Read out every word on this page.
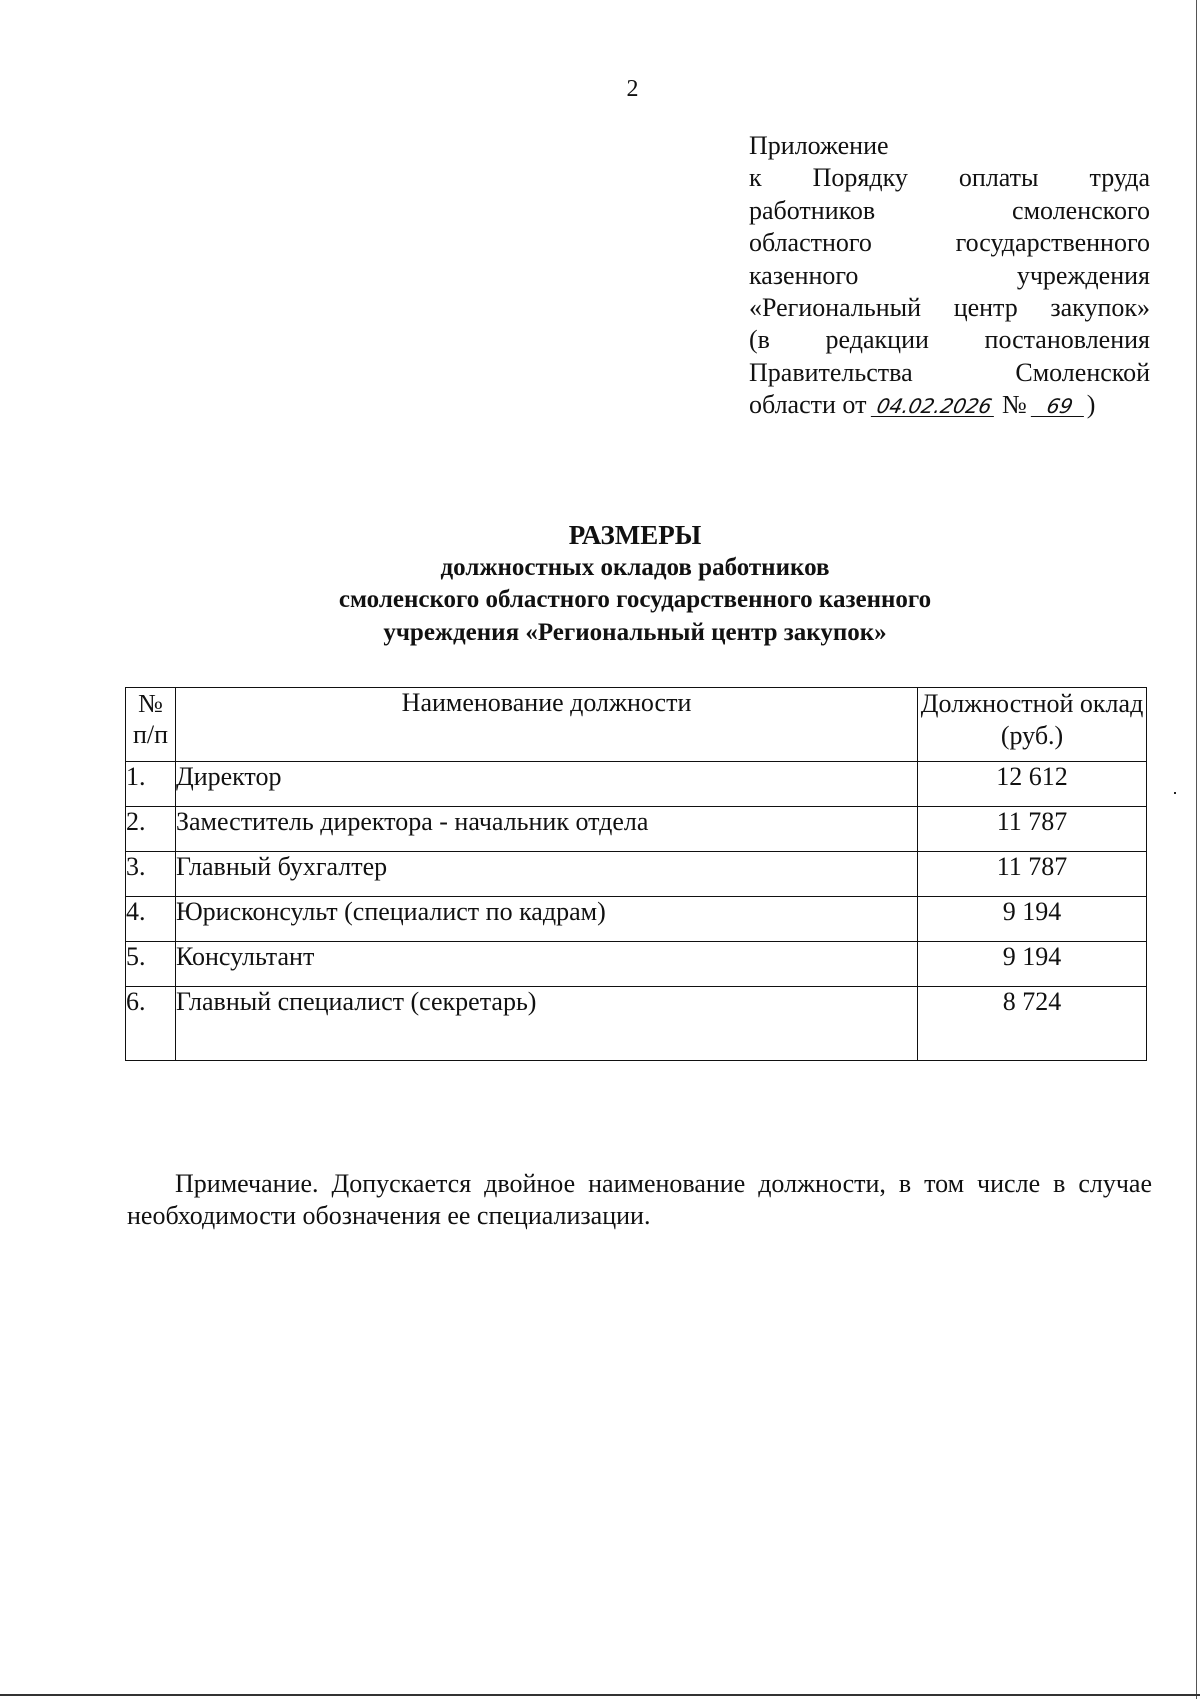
2
Приложение
к Порядку оплаты труда
работников смоленского
областного государственного
казенного учреждения
«Региональный центр закупок»
(в редакции постановления
Правительства Смоленской
области от 04.02.2026 № 69 )
РАЗМЕРЫ
должностных окладов работников
смоленского областного государственного казенного
учреждения «Региональный центр закупок»
№ п/п	Наименование должности	Должностной оклад (руб.)
1.	Директор	12 612
2.	Заместитель директора - начальник отдела	11 787
3.	Главный бухгалтер	11 787
4.	Юрисконсульт (специалист по кадрам)	9 194
5.	Консультант	9 194
6.	Главный специалист (секретарь)	8 724
Примечание. Допускается двойное наименование должности, в том числе в случае необходимости обозначения ее специализации.
